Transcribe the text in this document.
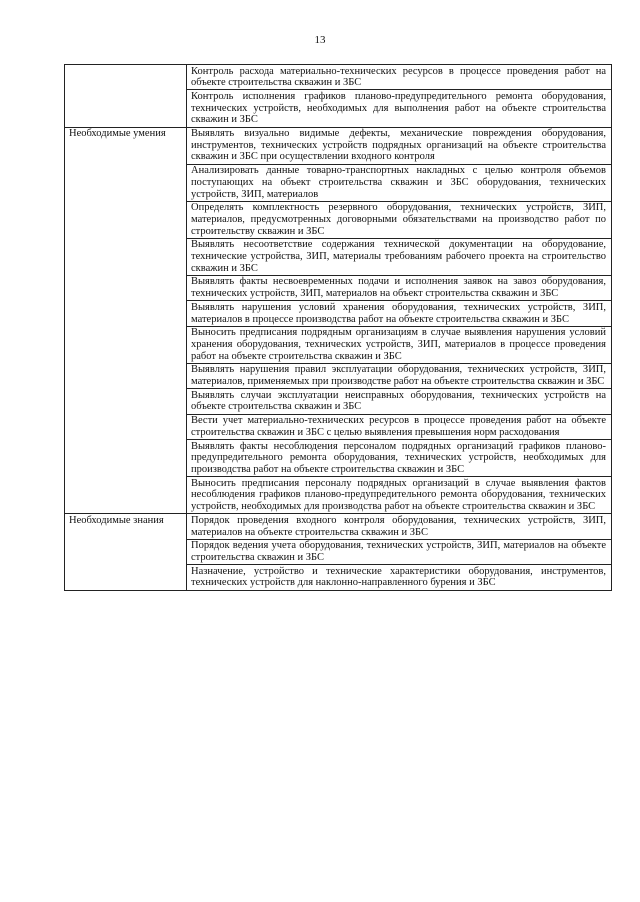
13
	Контроль расхода материально-технических ресурсов в процессе проведения работ на объекте строительства скважин и ЗБС
	Контроль исполнения графиков планово-предупредительного ремонта оборудования, технических устройств, необходимых для выполнения работ на объекте строительства скважин и ЗБС
Необходимые умения	Выявлять визуально видимые дефекты, механические повреждения оборудования, инструментов, технических устройств подрядных организаций на объекте строительства скважин и ЗБС при осуществлении входного контроля
	Анализировать данные товарно-транспортных накладных с целью контроля объемов поступающих на объект строительства скважин и ЗБС оборудования, технических устройств, ЗИП, материалов
	Определять комплектность резервного оборудования, технических устройств, ЗИП, материалов, предусмотренных договорными обязательствами на производство работ по строительству скважин и ЗБС
	Выявлять несоответствие содержания технической документации на оборудование, технические устройства, ЗИП, материалы требованиям рабочего проекта на строительство скважин и ЗБС
	Выявлять факты несвоевременных подачи и исполнения заявок на завоз оборудования, технических устройств, ЗИП, материалов на объект строительства скважин и ЗБС
	Выявлять нарушения условий хранения оборудования, технических устройств, ЗИП, материалов в процессе производства работ на объекте строительства скважин и ЗБС
	Выносить предписания подрядным организациям в случае выявления нарушения условий хранения оборудования, технических устройств, ЗИП, материалов в процессе проведения работ на объекте строительства скважин и ЗБС
	Выявлять нарушения правил эксплуатации оборудования, технических устройств, ЗИП, материалов, применяемых при производстве работ на объекте строительства скважин и ЗБС
	Выявлять случаи эксплуатации неисправных оборудования, технических устройств на объекте строительства скважин и ЗБС
	Вести учет материально-технических ресурсов в процессе проведения работ на объекте строительства скважин и ЗБС с целью выявления превышения норм расходования
	Выявлять факты несоблюдения персоналом подрядных организаций графиков планово-предупредительного ремонта оборудования, технических устройств, необходимых для производства работ на объекте строительства скважин и ЗБС
	Выносить предписания персоналу подрядных организаций в случае выявления фактов несоблюдения графиков планово-предупредительного ремонта оборудования, технических устройств, необходимых для производства работ на объекте строительства скважин и ЗБС
Необходимые знания	Порядок проведения входного контроля оборудования, технических устройств, ЗИП, материалов на объекте строительства скважин и ЗБС
	Порядок ведения учета оборудования, технических устройств, ЗИП, материалов на объекте строительства скважин и ЗБС
	Назначение, устройство и технические характеристики оборудования, инструментов, технических устройств для наклонно-направленного бурения и ЗБС
